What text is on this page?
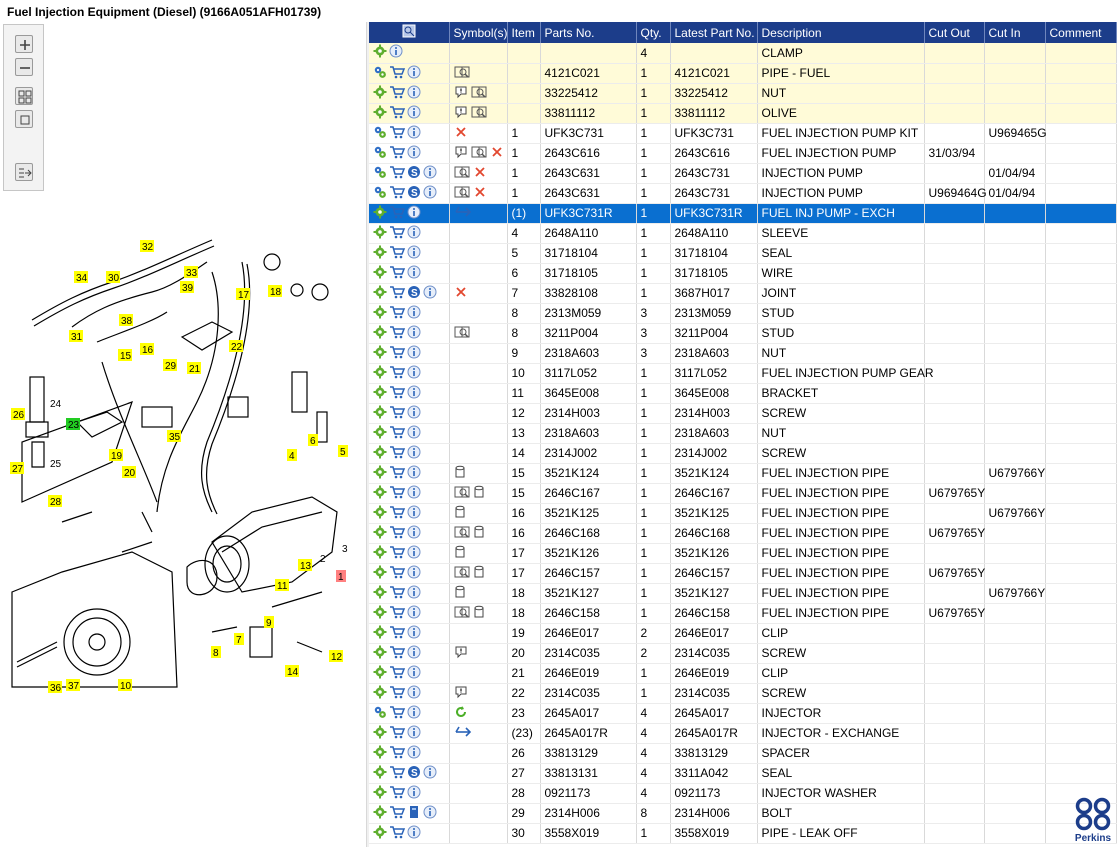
Fuel Injection Equipment (Diesel) (9166A051AFH01739)
32
34 30	33
39
17 18
38
31
15
16	22
21
29
35
26
23
24
27	25
28
19
20
6
4	5
3
2
1
13
11
9
8
7
14
12
10
36 37
	Symbol(s)	Item	Parts No.	Qty.	Latest Part No.	Description	Cut Out	Cut In	Comment
				4		CLAMP			
			4121C021	1	4121C021	PIPE - FUEL			
			33225412	1	33225412	NUT			
			33811112	1	33811112	OLIVE			
		1	UFK3C731	1	UFK3C731	FUEL INJECTION PUMP KIT		U969465G	
		1	2643C616	1	2643C616	FUEL INJECTION PUMP	31/03/94		

S		1	2643C631	1	2643C731	INJECTION PUMP		01/04/94	

S		1	2643C631	1	2643C731	INJECTION PUMP	U969464G	01/04/94	
		(1)	UFK3C731R	1	UFK3C731R	FUEL INJ PUMP - EXCH			
		4	2648A110	1	2648A110	SLEEVE			
		5	31718104	1	31718104	SEAL			
		6	31718105	1	31718105	WIRE			

S		7	33828108	1	3687H017	JOINT			
		8	2313M059	3	2313M059	STUD			
		8	3211P004	3	3211P004	STUD			
		9	2318A603	3	2318A603	NUT			
		10	3117L052	1	3117L052	FUEL INJECTION PUMP GEAR			
		11	3645E008	1	3645E008	BRACKET			
		12	2314H003	1	2314H003	SCREW			
		13	2318A603	1	2318A603	NUT			
		14	2314J002	1	2314J002	SCREW			
		15	3521K124	1	3521K124	FUEL INJECTION PIPE		U679766Y	
		15	2646C167	1	2646C167	FUEL INJECTION PIPE	U679765Y		
		16	3521K125	1	3521K125	FUEL INJECTION PIPE		U679766Y	
		16	2646C168	1	2646C168	FUEL INJECTION PIPE	U679765Y		
		17	3521K126	1	3521K126	FUEL INJECTION PIPE			
		17	2646C157	1	2646C157	FUEL INJECTION PIPE	U679765Y		
		18	3521K127	1	3521K127	FUEL INJECTION PIPE		U679766Y	
		18	2646C158	1	2646C158	FUEL INJECTION PIPE	U679765Y		
		19	2646E017	2	2646E017	CLIP			
		20	2314C035	2	2314C035	SCREW			
		21	2646E019	1	2646E019	CLIP			
		22	2314C035	1	2314C035	SCREW			
		23	2645A017	4	2645A017	INJECTOR			
		(23)	2645A017R	4	2645A017R	INJECTOR - EXCHANGE			
		26	33813129	4	33813129	SPACER			

S		27	33813131	4	3311A042	SEAL			
		28	0921173	4	0921173	INJECTOR WASHER			
		29	2314H006	8	2314H006	BOLT			
		30	3558X019	1	3558X019	PIPE - LEAK OFF				Perkins
